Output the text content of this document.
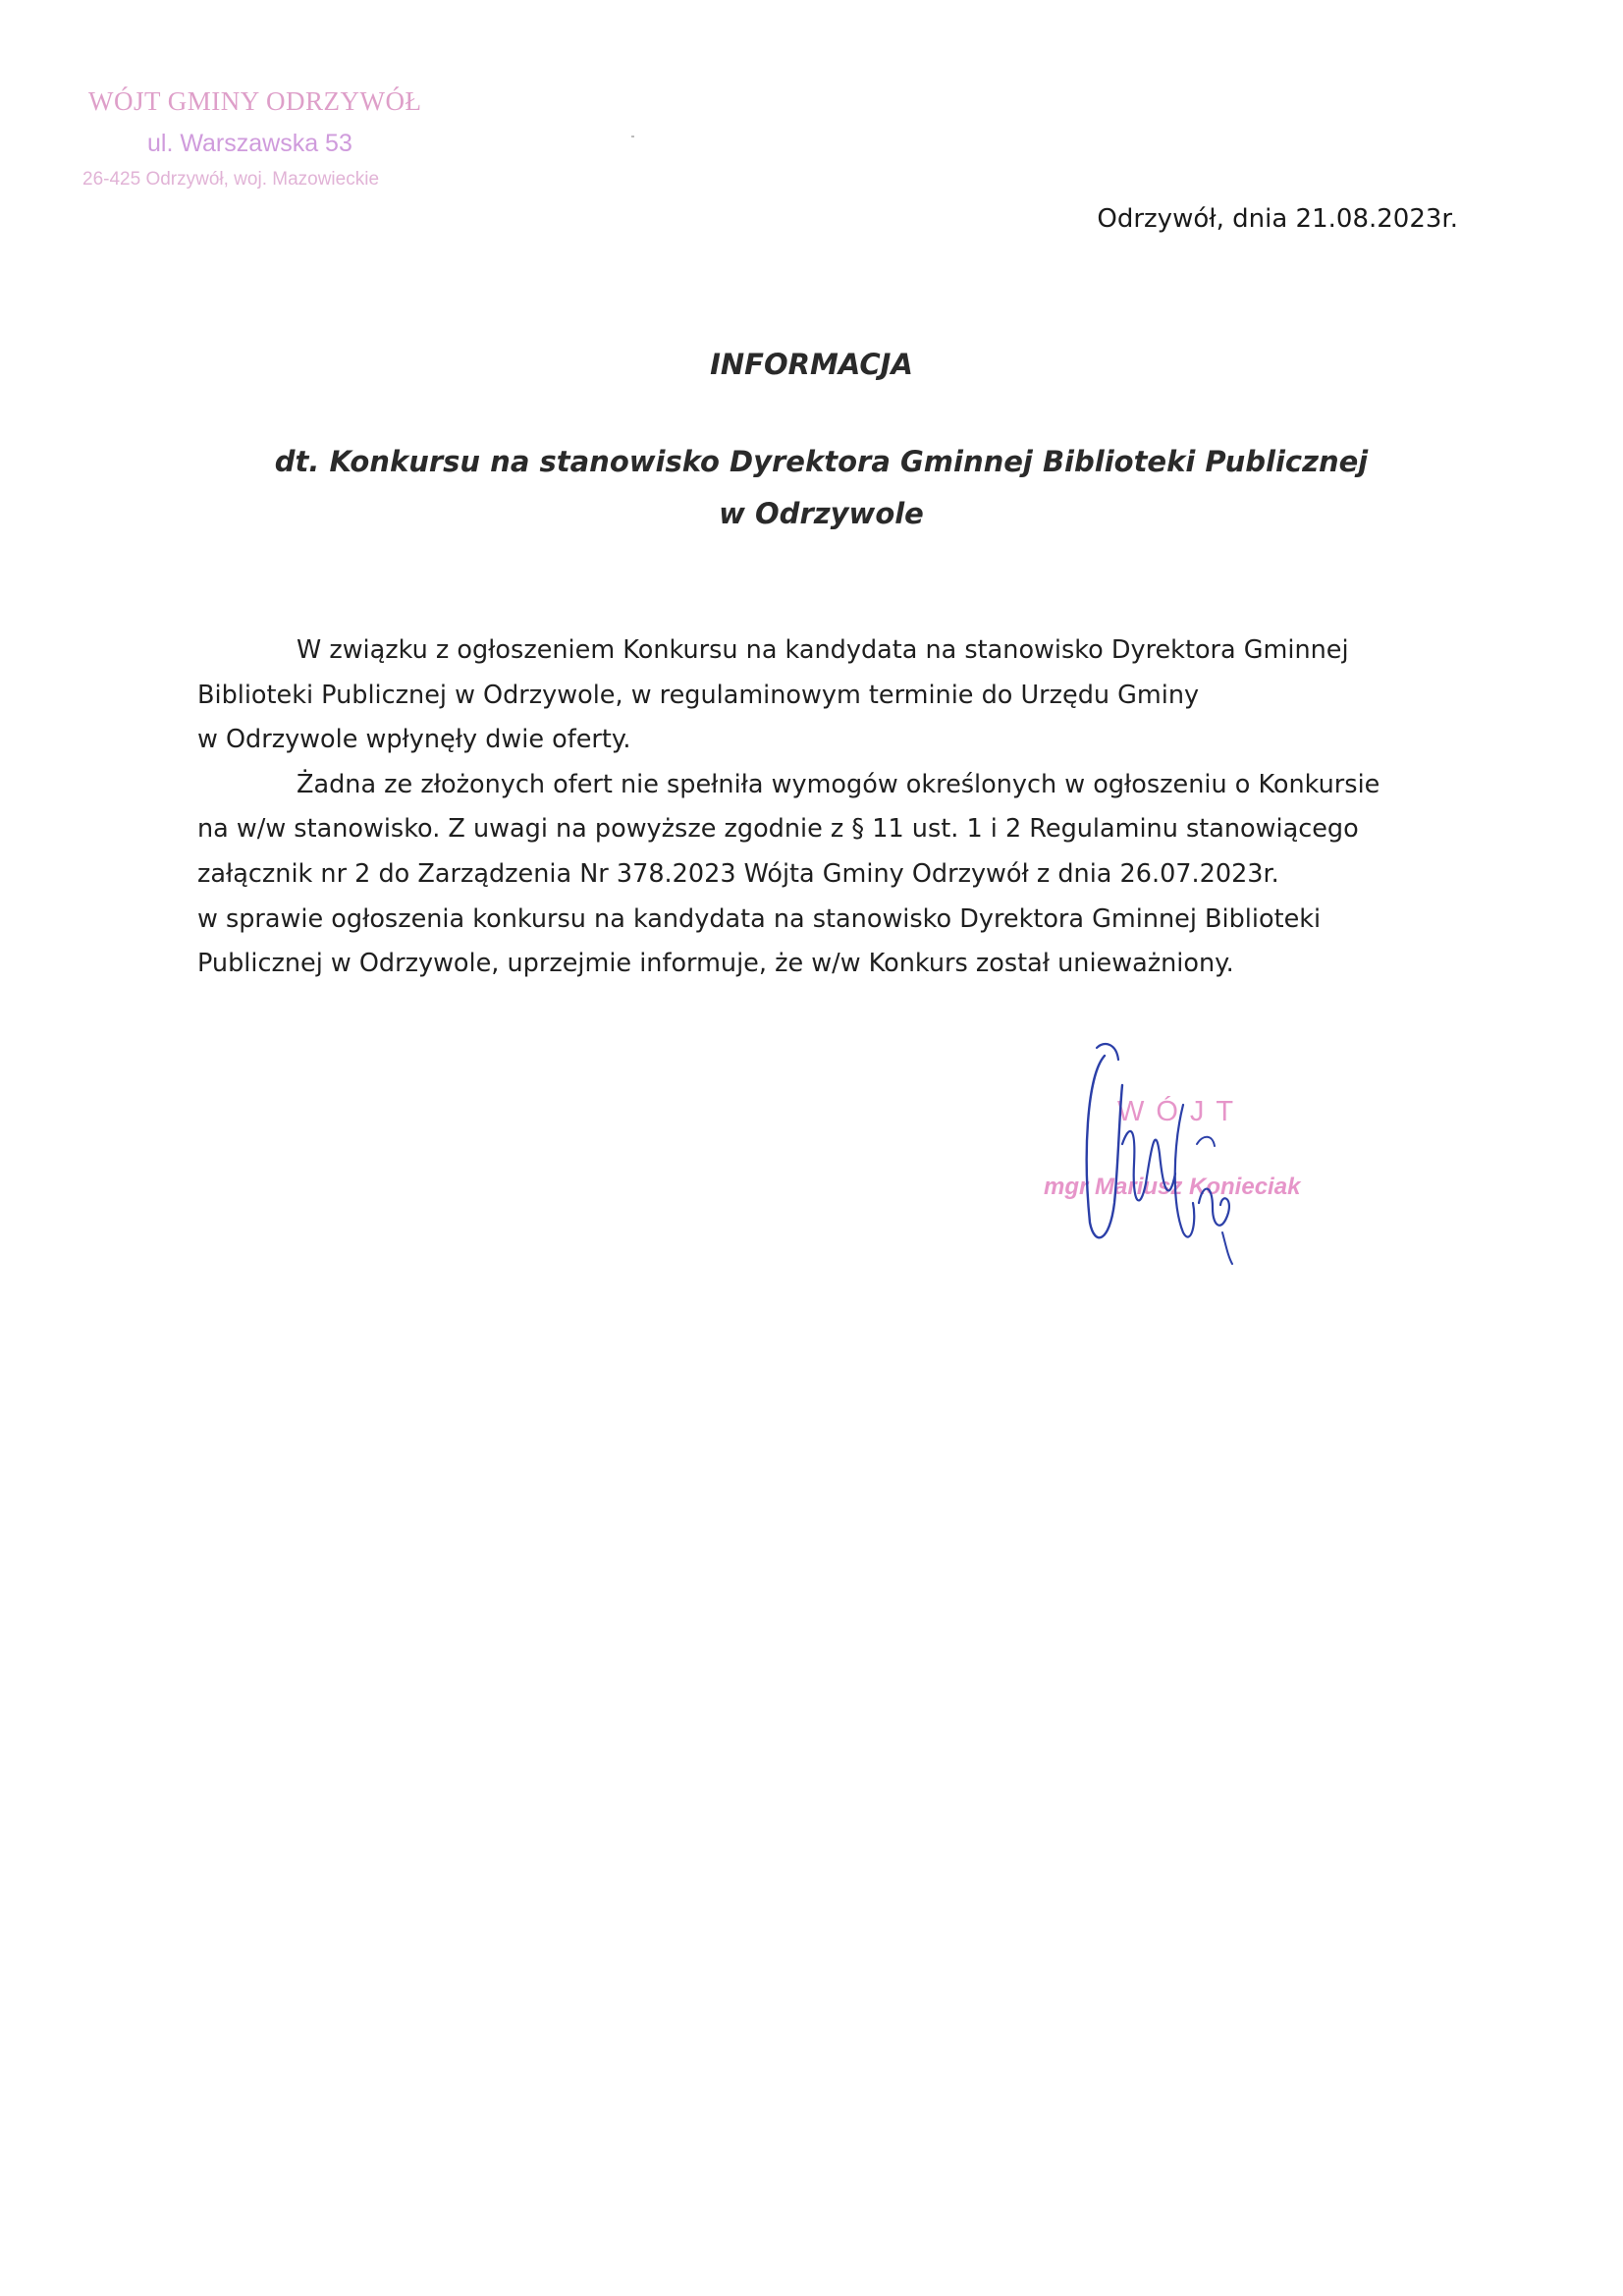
WÓJT GMINY ODRZYWÓŁ
ul. Warszawska 53
26-425 Odrzywół, woj. Mazowieckie
Odrzywół, dnia 21.08.2023r.
INFORMACJA
dt. Konkursu na stanowisko Dyrektora Gminnej Biblioteki Publicznej
w Odrzywole

W związku z ogłoszeniem Konkursu na kandydata na stanowisko Dyrektora Gminnej

Biblioteki Publicznej w Odrzywole, w regulaminowym terminie do Urzędu Gminy

w Odrzywole wpłynęły dwie oferty.

Żadna ze złożonych ofert nie spełniła wymogów określonych w ogłoszeniu o Konkursie

na w/w stanowisko. Z uwagi na powyższe zgodnie z § 11 ust. 1 i 2 Regulaminu stanowiącego

załącznik nr 2 do Zarządzenia Nr 378.2023 Wójta Gminy Odrzywół z dnia 26.07.2023r.

w sprawie ogłoszenia konkursu na kandydata na stanowisko Dyrektora Gminnej Biblioteki

Publicznej w Odrzywole, uprzejmie informuje, że w/w Konkurs został unieważniony.

WÓJT
mgr Mariusz Konieciak
